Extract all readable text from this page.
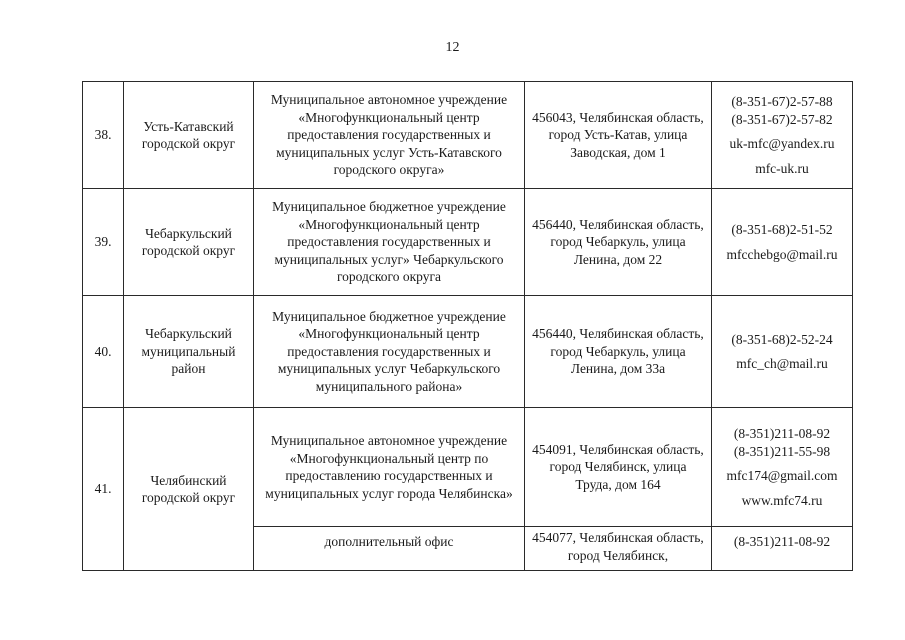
12
38.	Усть-Катавский городской округ	Муниципальное автономное учреждение «Многофункциональный центр предоставления государственных и муниципальных услуг Усть-Катавского городского округа»	456043, Челябинская область, город Усть-Катав, улица Заводская, дом 1	(8-351-67)2-57-88
(8-351-67)2-57-82
uk-mfc@yandex.ru
mfc-uk.ru

39.	Чебаркульский городской округ	Муниципальное бюджетное учреждение «Многофункциональный центр предоставления государственных и муниципальных услуг» Чебаркульского городского округа	456440, Челябинская область, город Чебаркуль, улица Ленина, дом 22	(8-351-68)2-51-52
mfcchebgo@mail.ru

40.	Чебаркульский муниципальный район	Муниципальное бюджетное учреждение «Многофункциональный центр предоставления государственных и муниципальных услуг Чебаркульского муниципального района»	456440, Челябинская область, город Чебаркуль, улица Ленина, дом 33а	(8-351-68)2-52-24
mfc_ch@mail.ru

41.	Челябинский городской округ	Муниципальное автономное учреждение «Многофункциональный центр по предоставлению государственных и муниципальных услуг города Челябинска»	454091, Челябинская область, город Челябинск, улица Труда, дом 164	(8-351)211-08-92
(8-351)211-55-98
mfc174@gmail.com
www.mfc74.ru

		дополнительный офис	454077, Челябинская область, город Челябинск,	(8-351)211-08-92
